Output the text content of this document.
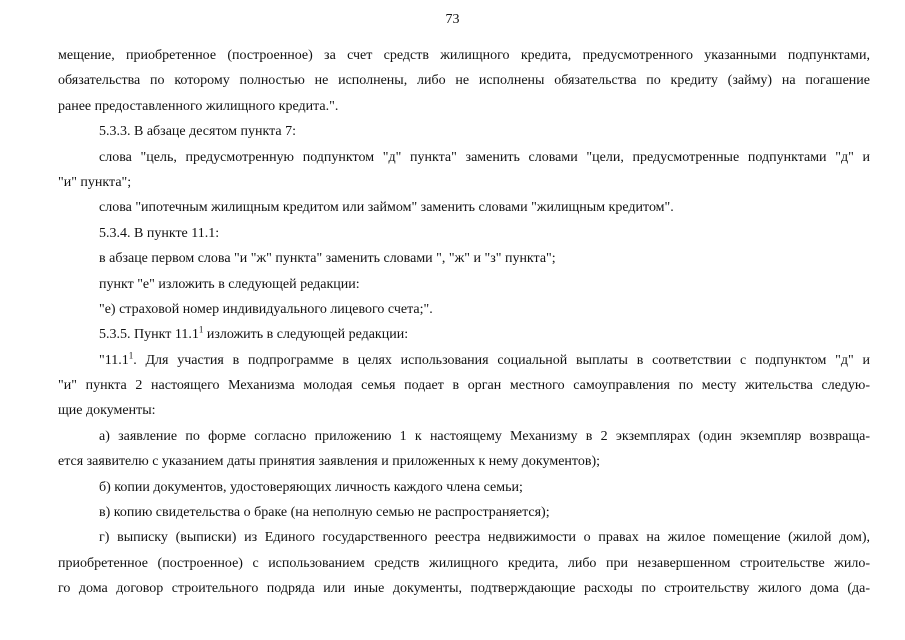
73
мещение, приобретенное (построенное) за счет средств жилищного кредита, предусмотренного указанными подпунктами,
обязательства по которому полностью не исполнены, либо не исполнены обязательства по кредиту (займу) на погашение
ранее предоставленного жилищного кредита.".
5.3.3. В абзаце десятом пункта 7:
слова "цель, предусмотренную подпунктом "д" пункта" заменить словами "цели, предусмотренные подпунктами "д" и
"и" пункта";
слова "ипотечным жилищным кредитом или займом" заменить словами "жилищным кредитом".
5.3.4. В пункте 11.1:
в абзаце первом слова "и "ж" пункта" заменить словами ", "ж" и "з" пункта";
пункт "е" изложить в следующей редакции:
"е) страховой номер индивидуального лицевого счета;".
5.3.5. Пункт 11.1$^1$ изложить в следующей редакции:
"11.1$^1$. Для участия в подпрограмме в целях использования социальной выплаты в соответствии с подпунктом "д" и
"и" пункта 2 настоящего Механизма молодая семья подает в орган местного самоуправления по месту жительства следую-
щие документы:
а) заявление по форме согласно приложению 1 к настоящему Механизму в 2 экземплярах (один экземпляр возвраща-
ется заявителю с указанием даты принятия заявления и приложенных к нему документов);
б) копии документов, удостоверяющих личность каждого члена семьи;
в) копию свидетельства о браке (на неполную семью не распространяется);
г) выписку (выписки) из Единого государственного реестра недвижимости о правах на жилое помещение (жилой дом),
приобретенное (построенное) с использованием средств жилищного кредита, либо при незавершенном строительстве жило-
го дома договор строительного подряда или иные документы, подтверждающие расходы по строительству жилого дома (да-
